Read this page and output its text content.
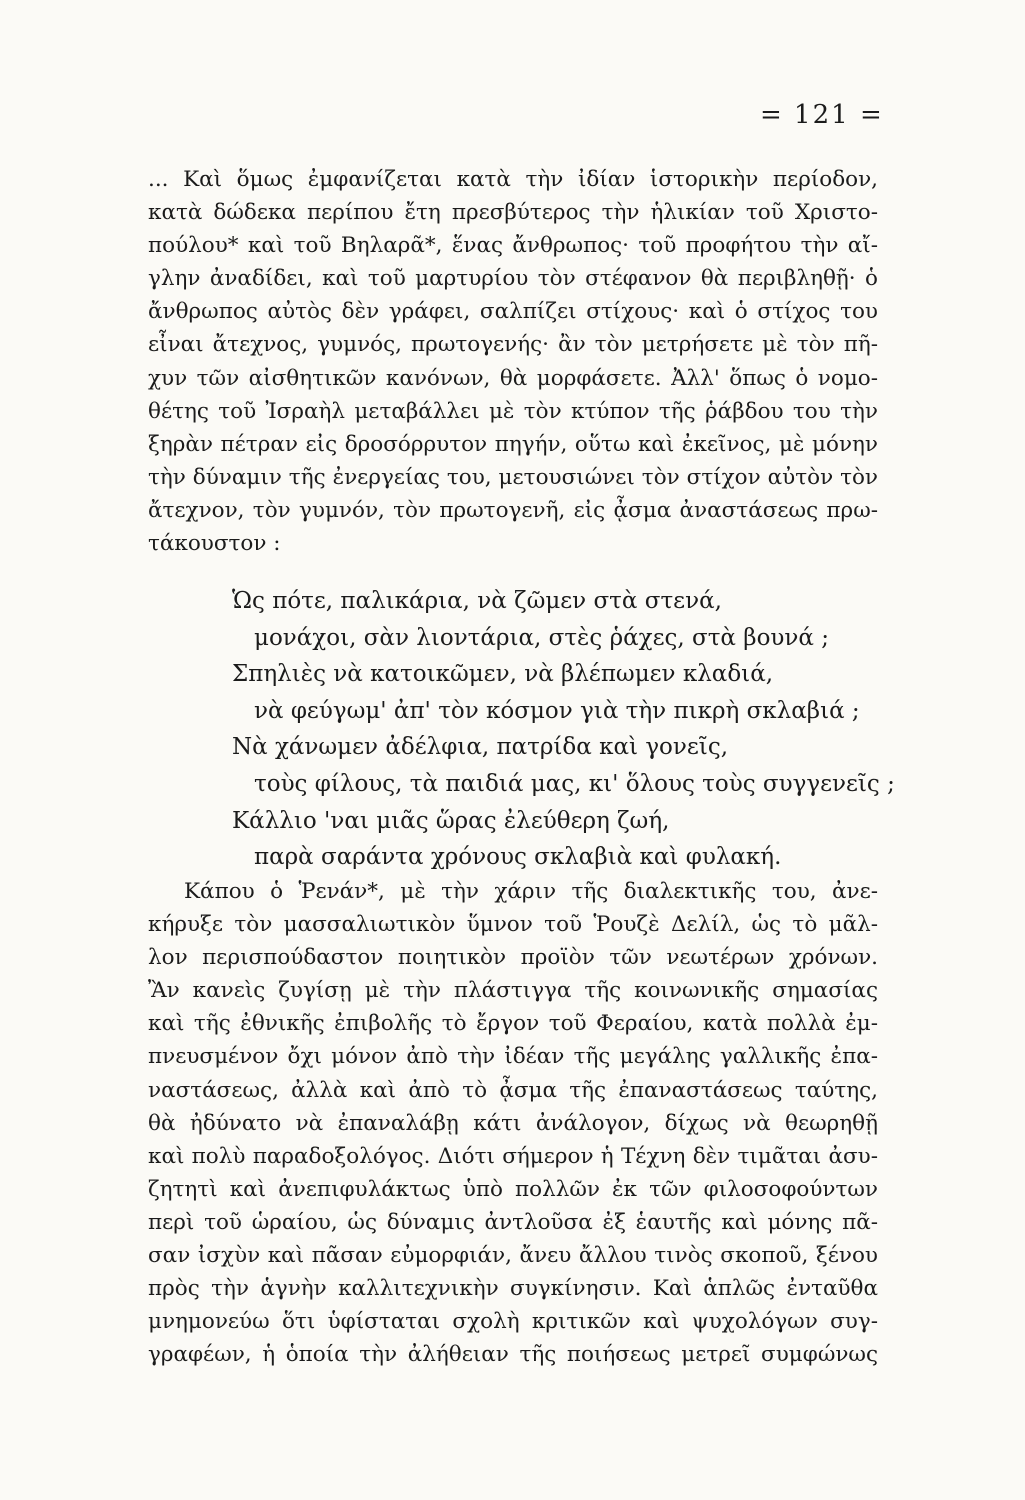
= 121 =
... Καὶ ὅμως ἐμφανίζεται κατὰ τὴν ἰδίαν ἱστορικὴν περίοδον,
κατὰ δώδεκα περίπου ἔτη πρεσβύτερος τὴν ἡλικίαν τοῦ Χριστο-
πούλου* καὶ τοῦ Βηλαρᾶ*, ἕνας ἄνθρωπος· τοῦ προφήτου τὴν αἴ-
γλην ἀναδίδει, καὶ τοῦ μαρτυρίου τὸν στέφανον θὰ περιβληθῇ· ὁ
ἄνθρωπος αὐτὸς δὲν γράφει, σαλπίζει στίχους· καὶ ὁ στίχος του
εἶναι ἄτεχνος, γυμνός, πρωτογενής· ἂν τὸν μετρήσετε μὲ τὸν πῆ-
χυν τῶν αἰσθητικῶν κανόνων, θὰ μορφάσετε. Ἀλλ' ὅπως ὁ νομο-
θέτης τοῦ Ἰσραὴλ μεταβάλλει μὲ τὸν κτύπον τῆς ῥάβδου του τὴν
ξηρὰν πέτραν εἰς δροσόρρυτον πηγήν, οὕτω καὶ ἐκεῖνος, μὲ μόνην
τὴν δύναμιν τῆς ἐνεργείας του, μετουσιώνει τὸν στίχον αὐτὸν τὸν
ἄτεχνον, τὸν γυμνόν, τὸν πρωτογενῆ, εἰς ᾆσμα ἀναστάσεως πρω-
τάκουστον :
Ὡς πότε, παλικάρια, νὰ ζῶμεν στὰ στενά,
μονάχοι, σὰν λιοντάρια, στὲς ῥάχες, στὰ βουνά ;
Σπηλιὲς νὰ κατοικῶμεν, νὰ βλέπωμεν κλαδιά,
νὰ φεύγωμ' ἀπ' τὸν κόσμον γιὰ τὴν πικρὴ σκλαβιά ;
Νὰ χάνωμεν ἀδέλφια, πατρίδα καὶ γονεῖς,
τοὺς φίλους, τὰ παιδιά μας, κι' ὅλους τοὺς συγγενεῖς ;
Κάλλιο 'ναι μιᾶς ὥρας ἐλεύθερη ζωή,
παρὰ σαράντα χρόνους σκλαβιὰ καὶ φυλακή.
Κάπου ὁ Ῥενάν*, μὲ τὴν χάριν τῆς διαλεκτικῆς του, ἀνε-
κήρυξε τὸν μασσαλιωτικὸν ὕμνον τοῦ Ῥουζὲ Δελίλ, ὡς τὸ μᾶλ-
λον περισπούδαστον ποιητικὸν προϊὸν τῶν νεωτέρων χρόνων.
Ἂν κανεὶς ζυγίσῃ μὲ τὴν πλάστιγγα τῆς κοινωνικῆς σημασίας
καὶ τῆς ἐθνικῆς ἐπιβολῆς τὸ ἔργον τοῦ Φεραίου, κατὰ πολλὰ ἐμ-
πνευσμένον ὄχι μόνον ἀπὸ τὴν ἰδέαν τῆς μεγάλης γαλλικῆς ἐπα-
ναστάσεως, ἀλλὰ καὶ ἀπὸ τὸ ᾆσμα τῆς ἐπαναστάσεως ταύτης,
θὰ ἠδύνατο νὰ ἐπαναλάβῃ κάτι ἀνάλογον, δίχως νὰ θεωρηθῇ
καὶ πολὺ παραδοξολόγος. Διότι σήμερον ἡ Τέχνη δὲν τιμᾶται ἀσυ-
ζητητὶ καὶ ἀνεπιφυλάκτως ὑπὸ πολλῶν ἐκ τῶν φιλοσοφούντων
περὶ τοῦ ὡραίου, ὡς δύναμις ἀντλοῦσα ἐξ ἑαυτῆς καὶ μόνης πᾶ-
σαν ἰσχὺν καὶ πᾶσαν εὐμορφιάν, ἄνευ ἄλλου τινὸς σκοποῦ, ξένου
πρὸς τὴν ἁγνὴν καλλιτεχνικὴν συγκίνησιν. Καὶ ἁπλῶς ἐνταῦθα
μνημονεύω ὅτι ὑφίσταται σχολὴ κριτικῶν καὶ ψυχολόγων συγ-
γραφέων, ἡ ὁποία τὴν ἀλήθειαν τῆς ποιήσεως μετρεῖ συμφώνως
